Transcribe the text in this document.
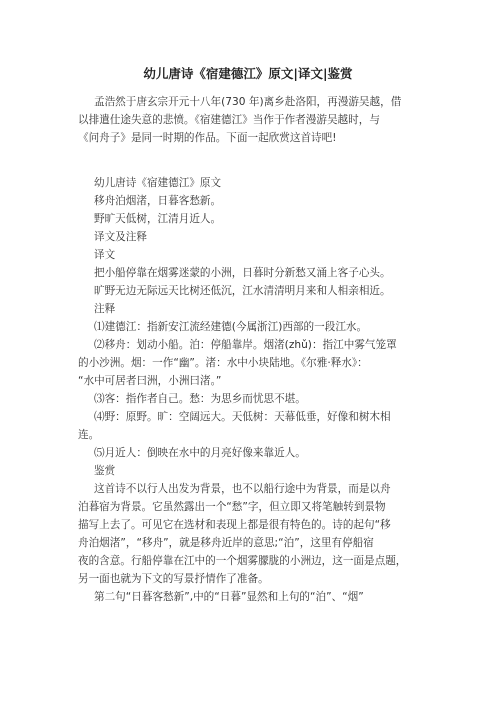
幼儿唐诗《宿建德江》原文|译文|鉴赏

孟浩然于唐玄宗开元十八年(730 年)离乡赴洛阳，再漫游吴越，借

以排遣仕途失意的悲愤。《宿建德江》当作于作者漫游吴越时，与

《问舟子》是同一时期的作品。下面一起欣赏这首诗吧!

幼儿唐诗《宿建德江》原文

移舟泊烟渚，日暮客愁新。

野旷天低树，江清月近人。

译文及注释

译文

把小船停靠在烟雾迷蒙的小洲，日暮时分新愁又涌上客子心头。

旷野无边无际远天比树还低沉，江水清清明月来和人相亲相近。

注释

⑴建德江：指新安江流经建德(今属浙江)西部的一段江水。

⑵移舟：划动小船。泊：停船靠岸。烟渚(zhǔ)：指江中雾气笼罩

的小沙洲。烟：一作“幽”。渚：水中小块陆地。《尔雅·释水》：

“水中可居者曰洲，小洲曰渚。”

⑶客：指作者自己。愁：为思乡而忧思不堪。

⑷野：原野。旷：空阔远大。天低树：天幕低垂，好像和树木相

连。

⑸月近人：倒映在水中的月亮好像来靠近人。

鉴赏

这首诗不以行人出发为背景，也不以船行途中为背景，而是以舟

泊暮宿为背景。它虽然露出一个“愁”字，但立即又将笔触转到景物

描写上去了。可见它在选材和表现上都是很有特色的。诗的起句“移

舟泊烟渚”，“移舟”，就是移舟近岸的意思;“泊”，这里有停船宿

夜的含意。行船停靠在江中的一个烟雾朦胧的小洲边，这一面是点题，

另一面也就为下文的写景抒情作了准备。

第二句“日暮客愁新”,中的“日暮”显然和上句的“泊”、“烟”
